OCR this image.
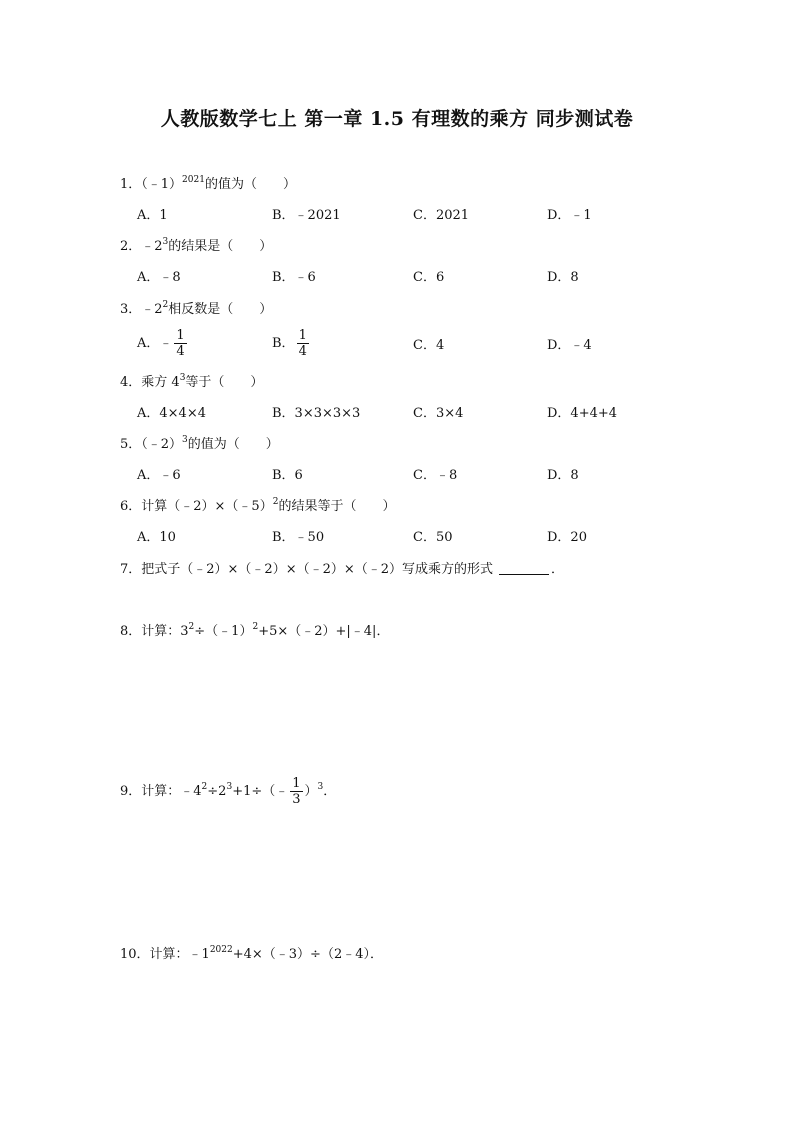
人教版数学七上 第一章 1.5 有理数的乘方 同步测试卷
1．（﹣1）$^{2021}$的值为（　　）
A．1	B．﹣2021	C．2021	D．﹣1
2．$﹣2^3$的结果是（　　）
A．﹣8	B．﹣6	C．6	D．8
3．$﹣2^2$相反数是（　　）
A．﹣ $\frac{1}{4}$	B． $\frac{1}{4}$	C．4	D．﹣4
4．乘方 $4^3$等于（　　）
A．4×4×4	B．3×3×3×3	C．3×4	D．4+4+4
5．（﹣2）$^3$的值为（　　）
A．﹣6	B．6	C．﹣8	D．8
6．计算（﹣2）×（﹣5）$^2$的结果等于（　　）
A．10	B．﹣50	C．50	D．20
7．把式子（﹣2）×（﹣2）×（﹣2）×（﹣2）写成乘方的形式	．
8．计算：$3^2\div(﹣1)^2+5\times(﹣2)+|﹣4|$．
9．计算：$﹣4^2\div 2^3+1\div(﹣ \frac{1}{3} )^3$．
10．计算：$﹣1^{2022}+4\times(﹣3)\div(2﹣4)$．
